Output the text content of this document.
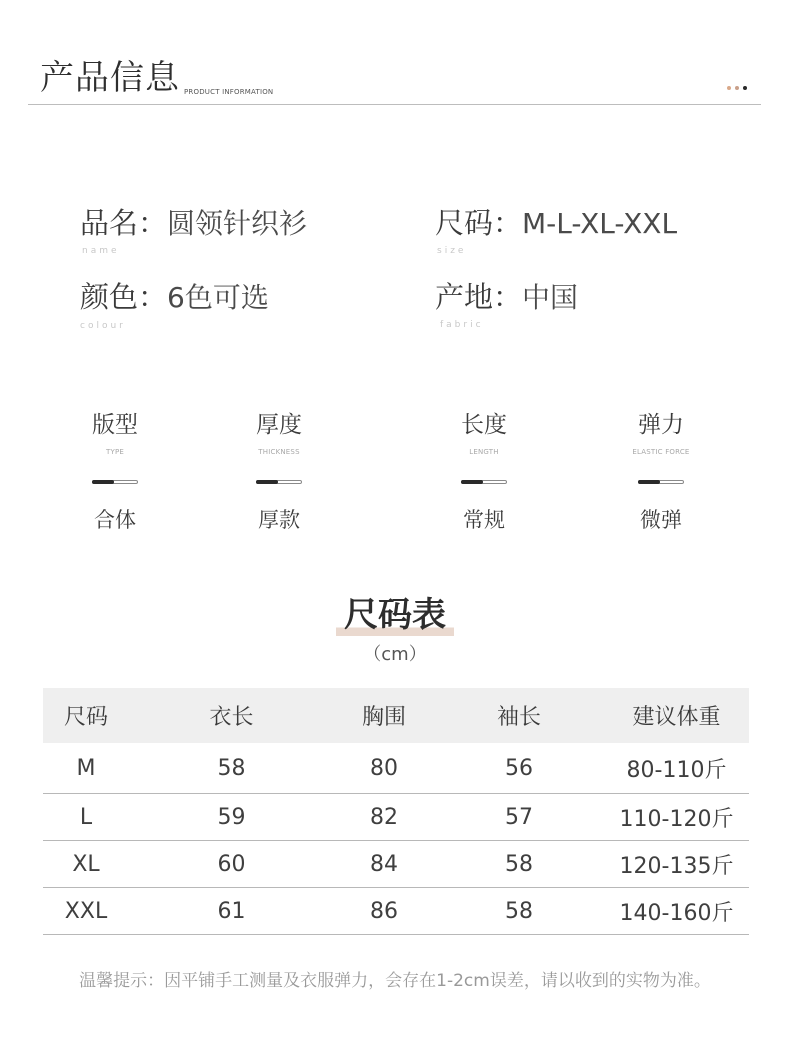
产品信息 PRODUCT INFORMATION
品名：圆领针织衫
name
尺码：M-L-XL-XXL
size
颜色：6色可选
colour
产地：中国
fabric
版型
TYPE
合体
厚度
THICKNESS
厚款
长度
LENGTH
常规
弹力
ELASTIC FORCE
微弹
尺码表
（cm）
尺码	衣长	胸围	袖长	建议体重
M	58	80	56	80-110斤
L	59	82	57	110-120斤
XL	60	84	58	120-135斤
XXL	61	86	58	140-160斤
温馨提示：因平铺手工测量及衣服弹力，会存在1-2cm误差，请以收到的实物为准。
